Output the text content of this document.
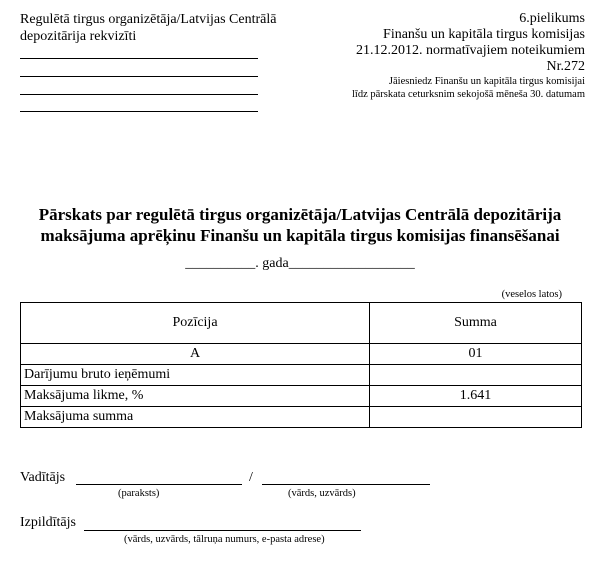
Regulētā tirgus organizētāja/Latvijas Centrālā depozitārija rekvizīti
6.pielikums
Finanšu un kapitāla tirgus komisijas
21.12.2012. normatīvajiem noteikumiem
Nr.272
Jāiesniedz Finanšu un kapitāla tirgus komisijai
līdz pārskata ceturksnim sekojošā mēneša 30. datumam
Pārskats par regulētā tirgus organizētāja/Latvijas Centrālā depozitārija
maksājuma aprēķinu Finanšu un kapitāla tirgus komisijas finansēšanai
__________. gada__________________
(veselos latos)
Pozīcija	Summa
A	01
Darījumu bruto ieņēmumi	
Maksājuma likme, %	1.641
Maksājuma summa	
Vadītājs	/
(paraksts)	(vārds, uzvārds)
Izpildītājs
(vārds, uzvārds, tālruņa numurs, e-pasta adrese)
